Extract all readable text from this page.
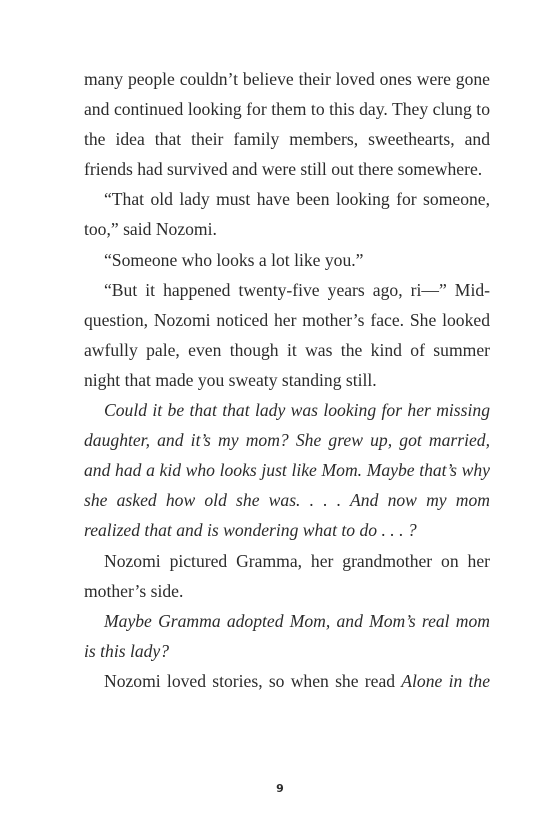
many people couldn’t believe their loved ones were gone and continued looking for them to this day. They clung to the idea that their family members, sweethearts, and friends had survived and were still out there somewhere.

“That old lady must have been looking for someone, too,” said Nozomi.

“Someone who looks a lot like you.”

“But it happened twenty-five years ago, ri—” Mid-question, Nozomi noticed her mother’s face. She looked awfully pale, even though it was the kind of summer night that made you sweaty standing still.

Could it be that that lady was looking for her missing daughter, and it’s my mom? She grew up, got married, and had a kid who looks just like Mom. Maybe that’s why she asked how old she was. . . . And now my mom realized that and is wondering what to do . . . ?

Nozomi pictured Gramma, her grandmother on her mother’s side.

Maybe Gramma adopted Mom, and Mom’s real mom is this lady?

Nozomi loved stories, so when she read Alone in the

9
